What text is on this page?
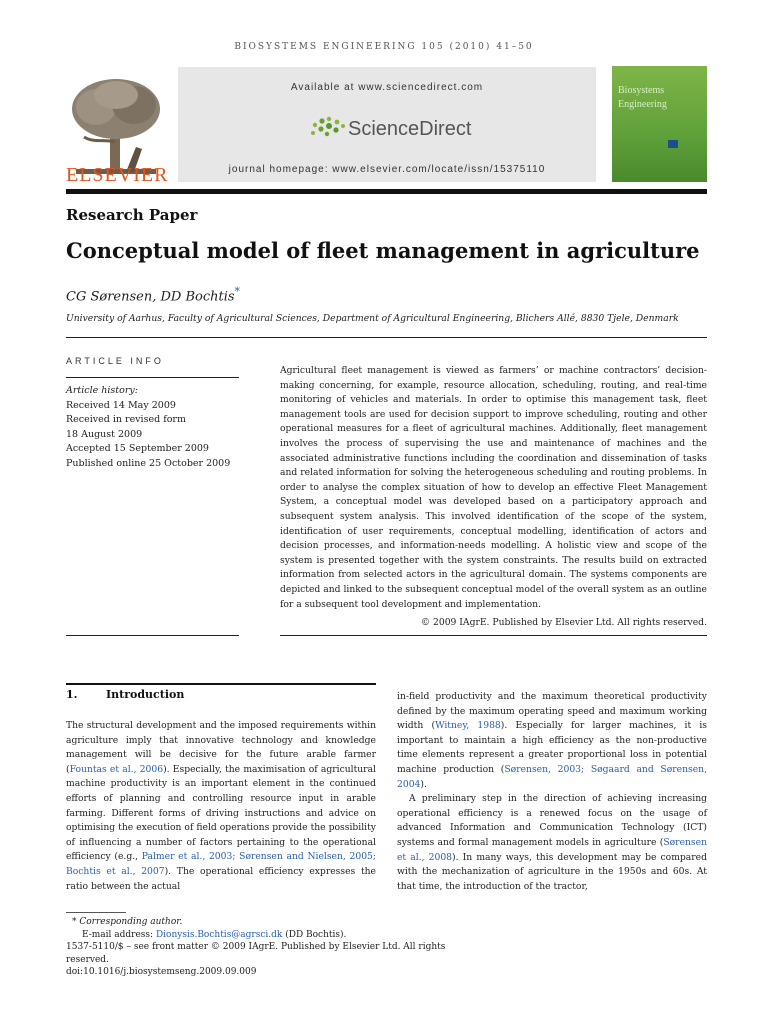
BIOSYSTEMS ENGINEERING 105 (2010) 41–50
ELSEVIER
Available at www.sciencedirect.com
ScienceDirect
journal homepage: www.elsevier.com/locate/issn/15375110
Biosystems
Engineering
Research Paper
Conceptual model of fleet management in agriculture
CG Sørensen, DD Bochtis*
University of Aarhus, Faculty of Agricultural Sciences, Department of Agricultural Engineering, Blichers Allé, 8830 Tjele, Denmark
ARTICLE INFO
Article history:
Received 14 May 2009
Received in revised form
18 August 2009
Accepted 15 September 2009
Published online 25 October 2009
Agricultural fleet management is viewed as farmers’ or machine contractors’ decision-making concerning, for example, resource allocation, scheduling, routing, and real-time monitoring of vehicles and materials. In order to optimise this management task, fleet management tools are used for decision support to improve scheduling, routing and other operational measures for a fleet of agricultural machines. Additionally, fleet management involves the process of supervising the use and maintenance of machines and the associated administrative functions including the coordination and dissemination of tasks and related information for solving the heterogeneous scheduling and routing problems. In order to analyse the complex situation of how to develop an effective Fleet Management System, a conceptual model was developed based on a participatory approach and subsequent system analysis. This involved identification of the scope of the system, identification of user requirements, conceptual modelling, identification of actors and decision processes, and information-needs modelling. A holistic view and scope of the system is presented together with the system constraints. The results build on extracted information from selected actors in the agricultural domain. The systems components are depicted and linked to the subsequent conceptual model of the overall system as an outline for a subsequent tool development and implementation.
© 2009 IAgrE. Published by Elsevier Ltd. All rights reserved.
1.	Introduction
The structural development and the imposed requirements within agriculture imply that innovative technology and knowledge management will be decisive for the future arable farmer (Fountas et al., 2006). Especially, the maximisation of agricultural machine productivity is an important element in the continued efforts of planning and controlling resource input in arable farming. Different forms of driving instructions and advice on optimising the execution of field operations provide the possibility of influencing a number of factors pertaining to the operational efficiency (e.g., Palmer et al., 2003; Sørensen and Nielsen, 2005; Bochtis et al., 2007). The operational efficiency expresses the ratio between the actual
in-field productivity and the maximum theoretical productivity defined by the maximum operating speed and maximum working width (Witney, 1988). Especially for larger machines, it is important to maintain a high efficiency as the non-productive time elements represent a greater proportional loss in potential machine production (Sørensen, 2003; Søgaard and Sørensen, 2004).
A preliminary step in the direction of achieving increasing operational efficiency is a renewed focus on the usage of advanced Information and Communication Technology (ICT) systems and formal management models in agriculture (Sørensen et al., 2008). In many ways, this development may be compared with the mechanization of agriculture in the 1950s and 60s. At that time, the introduction of the tractor,
* Corresponding author.
E-mail address: Dionysis.Bochtis@agrsci.dk (DD Bochtis).
1537-5110/$ – see front matter © 2009 IAgrE. Published by Elsevier Ltd. All rights reserved.
doi:10.1016/j.biosystemseng.2009.09.009
